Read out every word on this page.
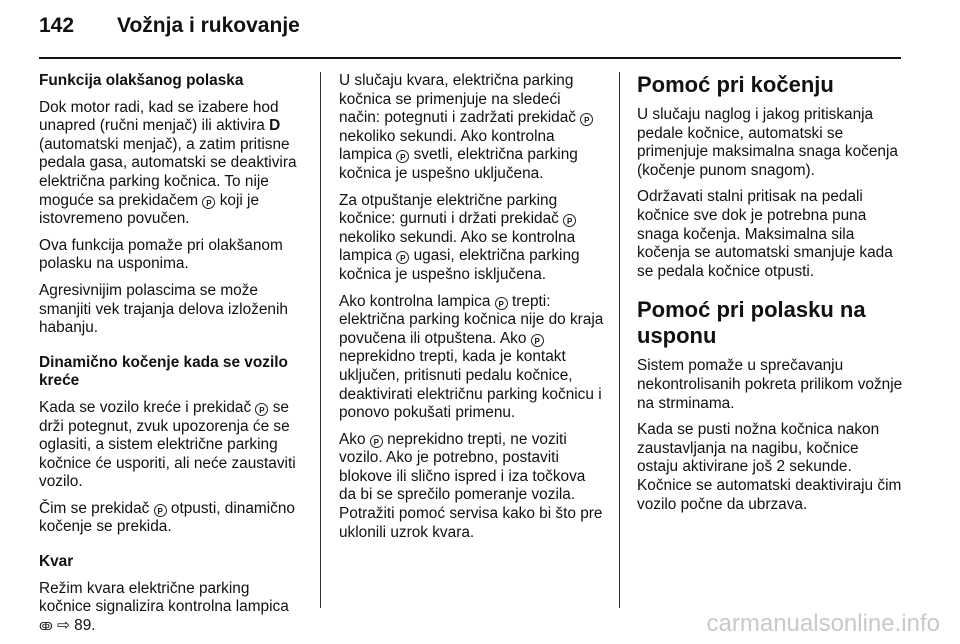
142 Vožnja i rukovanje

Funkcija olakšanog polaska

Dok motor radi, kad se izabere hod unapred (ručni menjač) ili aktivira D (automatski menjač), a zatim pritisne pedala gasa, automatski se deaktivira električna parking kočnica. To nije moguće sa prekidačem P koji je istovremeno povučen.

Ova funkcija pomaže pri olakšanom polasku na usponima.

Agresivnijim polascima se može smanjiti vek trajanja delova izloženih habanju.

Dinamično kočenje kada se vozilo kreće

Kada se vozilo kreće i prekidač P se drži potegnut, zvuk upozorenja će se oglasiti, a sistem električne parking kočnice će usporiti, ali neće zaustaviti vozilo.

Čim se prekidač P otpusti, dinamično kočenje se prekida.

Kvar

Režim kvara električne parking kočnice signalizira kontrolna lampica ↂ ⇨ 89.

U slučaju kvara, električna parking kočnica se primenjuje na sledeći način: potegnuti i zadržati prekidač P nekoliko sekundi. Ako kontrolna lampica P svetli, električna parking kočnica je uspešno uključena.

Za otpuštanje električne parking kočnice: gurnuti i držati prekidač P nekoliko sekundi. Ako se kontrolna lampica P ugasi, električna parking kočnica je uspešno isključena.

Ako kontrolna lampica P trepti: električna parking kočnica nije do kraja povučena ili otpuštena. Ako P neprekidno trepti, kada je kontakt uključen, pritisnuti pedalu kočnice, deaktivirati električnu parking kočnicu i ponovo pokušati primenu.

Ako P neprekidno trepti, ne voziti vozilo. Ako je potrebno, postaviti blokove ili slično ispred i iza točkova da bi se sprečilo pomeranje vozila. Potražiti pomoć servisa kako bi što pre uklonili uzrok kvara.

Pomoć pri kočenju

U slučaju naglog i jakog pritiskanja pedale kočnice, automatski se primenjuje maksimalna snaga kočenja (kočenje punom snagom).

Održavati stalni pritisak na pedali kočnice sve dok je potrebna puna snaga kočenja. Maksimalna sila kočenja se automatski smanjuje kada se pedala kočnice otpusti.

Pomoć pri polasku na usponu

Sistem pomaže u sprečavanju nekontrolisanih pokreta prilikom vožnje na strminama.

Kada se pusti nožna kočnica nakon zaustavljanja na nagibu, kočnice ostaju aktivirane još 2 sekunde. Kočnice se automatski deaktiviraju čim vozilo počne da ubrzava.

carmanualsonline.info
